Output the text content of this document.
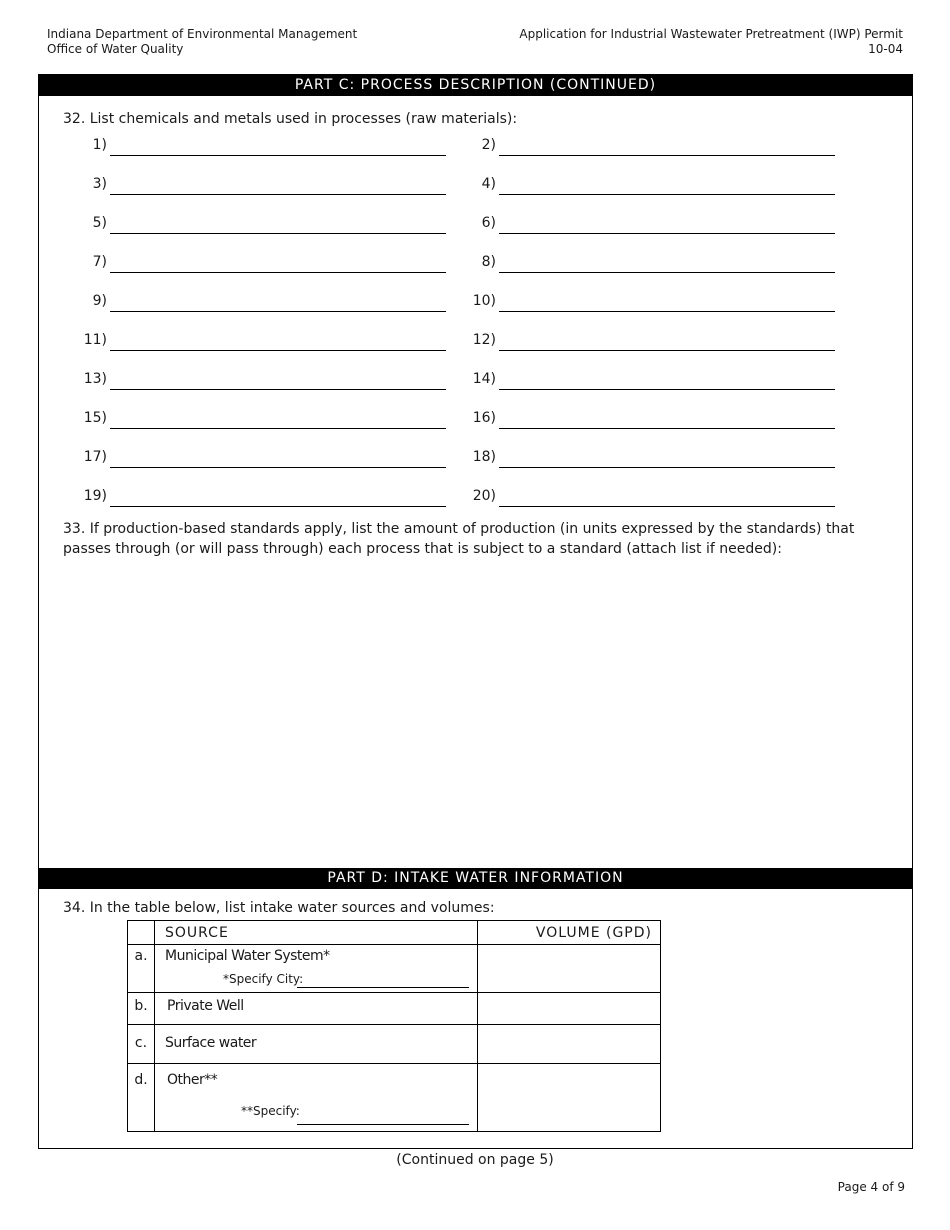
Indiana Department of Environmental Management
Office of Water Quality
Application for Industrial Wastewater Pretreatment (IWP) Permit
10-04
PART C: PROCESS DESCRIPTION (CONTINUED)
32. List chemicals and metals used in processes (raw materials):
1)	2)
3)	4)
5)	6)
7)	8)
9)	10)
11)	12)
13)	14)
15)	16)
17)	18)
19)	20)
33. If production-based standards apply, list the amount of production (in units expressed by the standards) that
passes through (or will pass through) each process that is subject to a standard (attach list if needed):
PART D: INTAKE WATER INFORMATION
34. In the table below, list intake water sources and volumes:

	SOURCE	VOLUME (GPD)

a.	Municipal Water System*
*Specify City:	

b.	Private Well	

c.	Surface water	

d.	Other**
**Specify:	

(Continued on page 5)
Page 4 of 9
